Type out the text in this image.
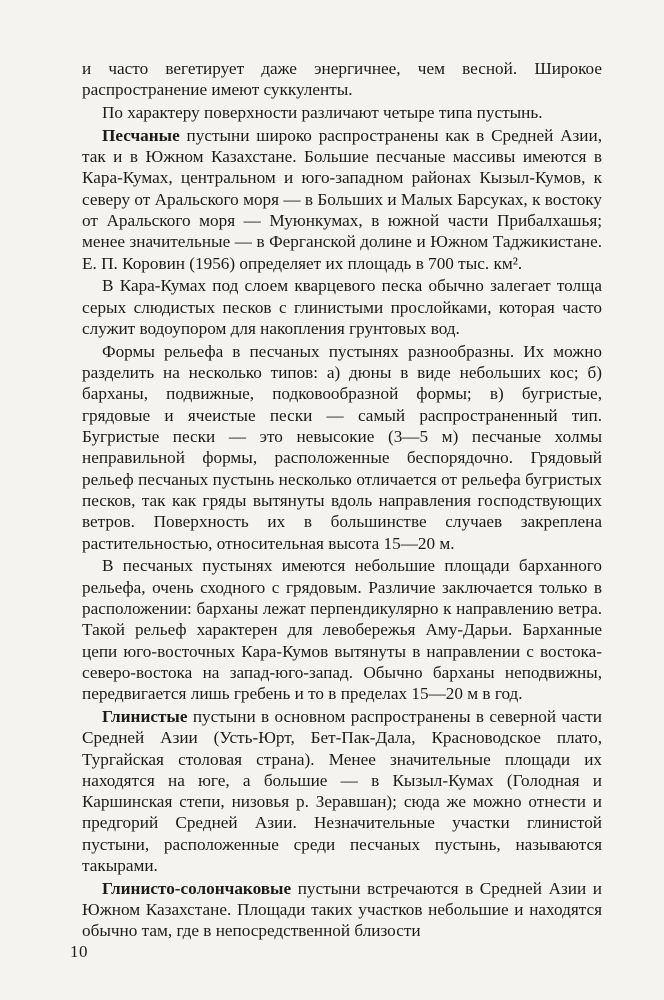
и часто вегетирует даже энергичнее, чем весной. Широкое распространение имеют суккуленты.

По характеру поверхности различают четыре типа пустынь.

Песчаные пустыни широко распространены как в Средней Азии, так и в Южном Казахстане. Большие песчаные массивы имеются в Кара-Кумах, центральном и юго-западном районах Кызыл-Кумов, к северу от Аральского моря — в Больших и Малых Барсуках, к востоку от Аральского моря — Муюнкумах, в южной части Прибалхашья; менее значительные — в Ферганской долине и Южном Таджикистане. Е. П. Коровин (1956) определяет их площадь в 700 тыс. км².

В Кара-Кумах под слоем кварцевого песка обычно залегает толща серых слюдистых песков с глинистыми прослойками, которая часто служит водоупором для накопления грунтовых вод.

Формы рельефа в песчаных пустынях разнообразны. Их можно разделить на несколько типов: а) дюны в виде небольших кос; б) барханы, подвижные, подковообразной формы; в) бугристые, грядовые и ячеистые пески — самый распространенный тип. Бугристые пески — это невысокие (3—5 м) песчаные холмы неправильной формы, расположенные беспорядочно. Грядовый рельеф песчаных пустынь несколько отличается от рельефа бугристых песков, так как гряды вытянуты вдоль направления господствующих ветров. Поверхность их в большинстве случаев закреплена растительностью, относительная высота 15—20 м.

В песчаных пустынях имеются небольшие площади барханного рельефа, очень сходного с грядовым. Различие заключается только в расположении: барханы лежат перпендикулярно к направлению ветра. Такой рельеф характерен для левобережья Аму-Дарьи. Барханные цепи юго-восточных Кара-Кумов вытянуты в направлении с востока-северо-востока на запад-юго-запад. Обычно барханы неподвижны, передвигается лишь гребень и то в пределах 15—20 м в год.

Глинистые пустыни в основном распространены в северной части Средней Азии (Усть-Юрт, Бет-Пак-Дала, Красноводское плато, Тургайская столовая страна). Менее значительные площади их находятся на юге, а большие — в Кызыл-Кумах (Голодная и Каршинская степи, низовья р. Зеравшан); сюда же можно отнести и предгорий Средней Азии. Незначительные участки глинистой пустыни, расположенные среди песчаных пустынь, называются такырами.

Глинисто-солончаковые пустыни встречаются в Средней Азии и Южном Казахстане. Площади таких участков небольшие и находятся обычно там, где в непосредственной близости

10
